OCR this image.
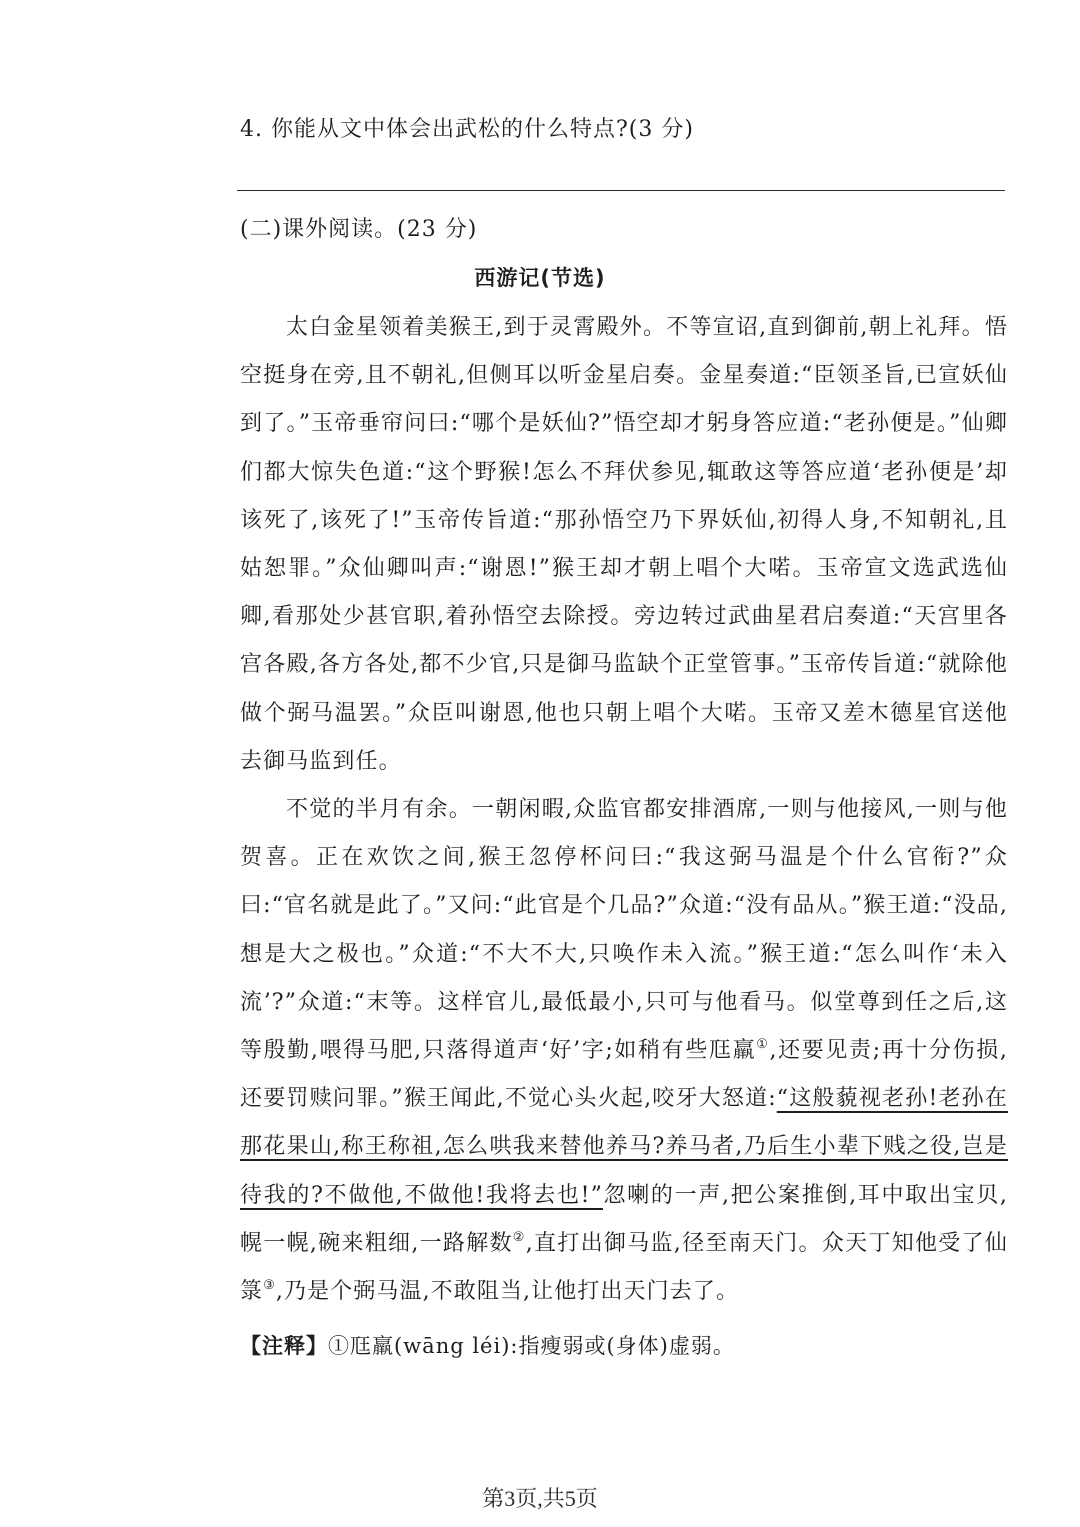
4. 你能从文中体会出武松的什么特点?(3 分)
(二)课外阅读。(23 分)
西游记(节选)

太白金星领着美猴王,到于灵霄殿外。不等宣诏,直到御前,朝上礼拜。悟空挺身在旁,且不朝礼,但侧耳以听金星启奏。金星奏道:“臣领圣旨,已宣妖仙到了。”玉帝垂帘问曰:“哪个是妖仙?”悟空却才躬身答应道:“老孙便是。”仙卿们都大惊失色道:“这个野猴!怎么不拜伏参见,辄敢这等答应道‘老孙便是’却该死了,该死了!”玉帝传旨道:“那孙悟空乃下界妖仙,初得人身,不知朝礼,且姑恕罪。”众仙卿叫声:“谢恩!”猴王却才朝上唱个大喏。玉帝宣文选武选仙卿,看那处少甚官职,着孙悟空去除授。旁边转过武曲星君启奏道:“天宫里各宫各殿,各方各处,都不少官,只是御马监缺个正堂管事。”玉帝传旨道:“就除他做个弼马温罢。”众臣叫谢恩,他也只朝上唱个大喏。玉帝又差木德星官送他去御马监到任。

不觉的半月有余。一朝闲暇,众监官都安排酒席,一则与他接风,一则与他贺喜。正在欢饮之间,猴王忽停杯问曰:“我这弼马温是个什么官衔?”众曰:“官名就是此了。”又问:“此官是个几品?”众道:“没有品从。”猴王道:“没品,想是大之极也。”众道:“不大不大,只唤作未入流。”猴王道:“怎么叫作‘未入流’?”众道:“末等。这样官儿,最低最小,只可与他看马。似堂尊到任之后,这等殷勤,喂得马肥,只落得道声‘好’字;如稍有些尫羸①,还要见责;再十分伤损,还要罚赎问罪。”猴王闻此,不觉心头火起,咬牙大怒道:“这般藐视老孙!老孙在那花果山,称王称祖,怎么哄我来替他养马?养马者,乃后生小辈下贱之役,岂是待我的?不做他,不做他!我将去也!”忽喇的一声,把公案推倒,耳中取出宝贝,幌一幌,碗来粗细,一路解数②,直打出御马监,径至南天门。众天丁知他受了仙箓③,乃是个弼马温,不敢阻当,让他打出天门去了。

【注释】①尫羸(wāng léi):指瘦弱或(身体)虚弱。
第3页,共5页
